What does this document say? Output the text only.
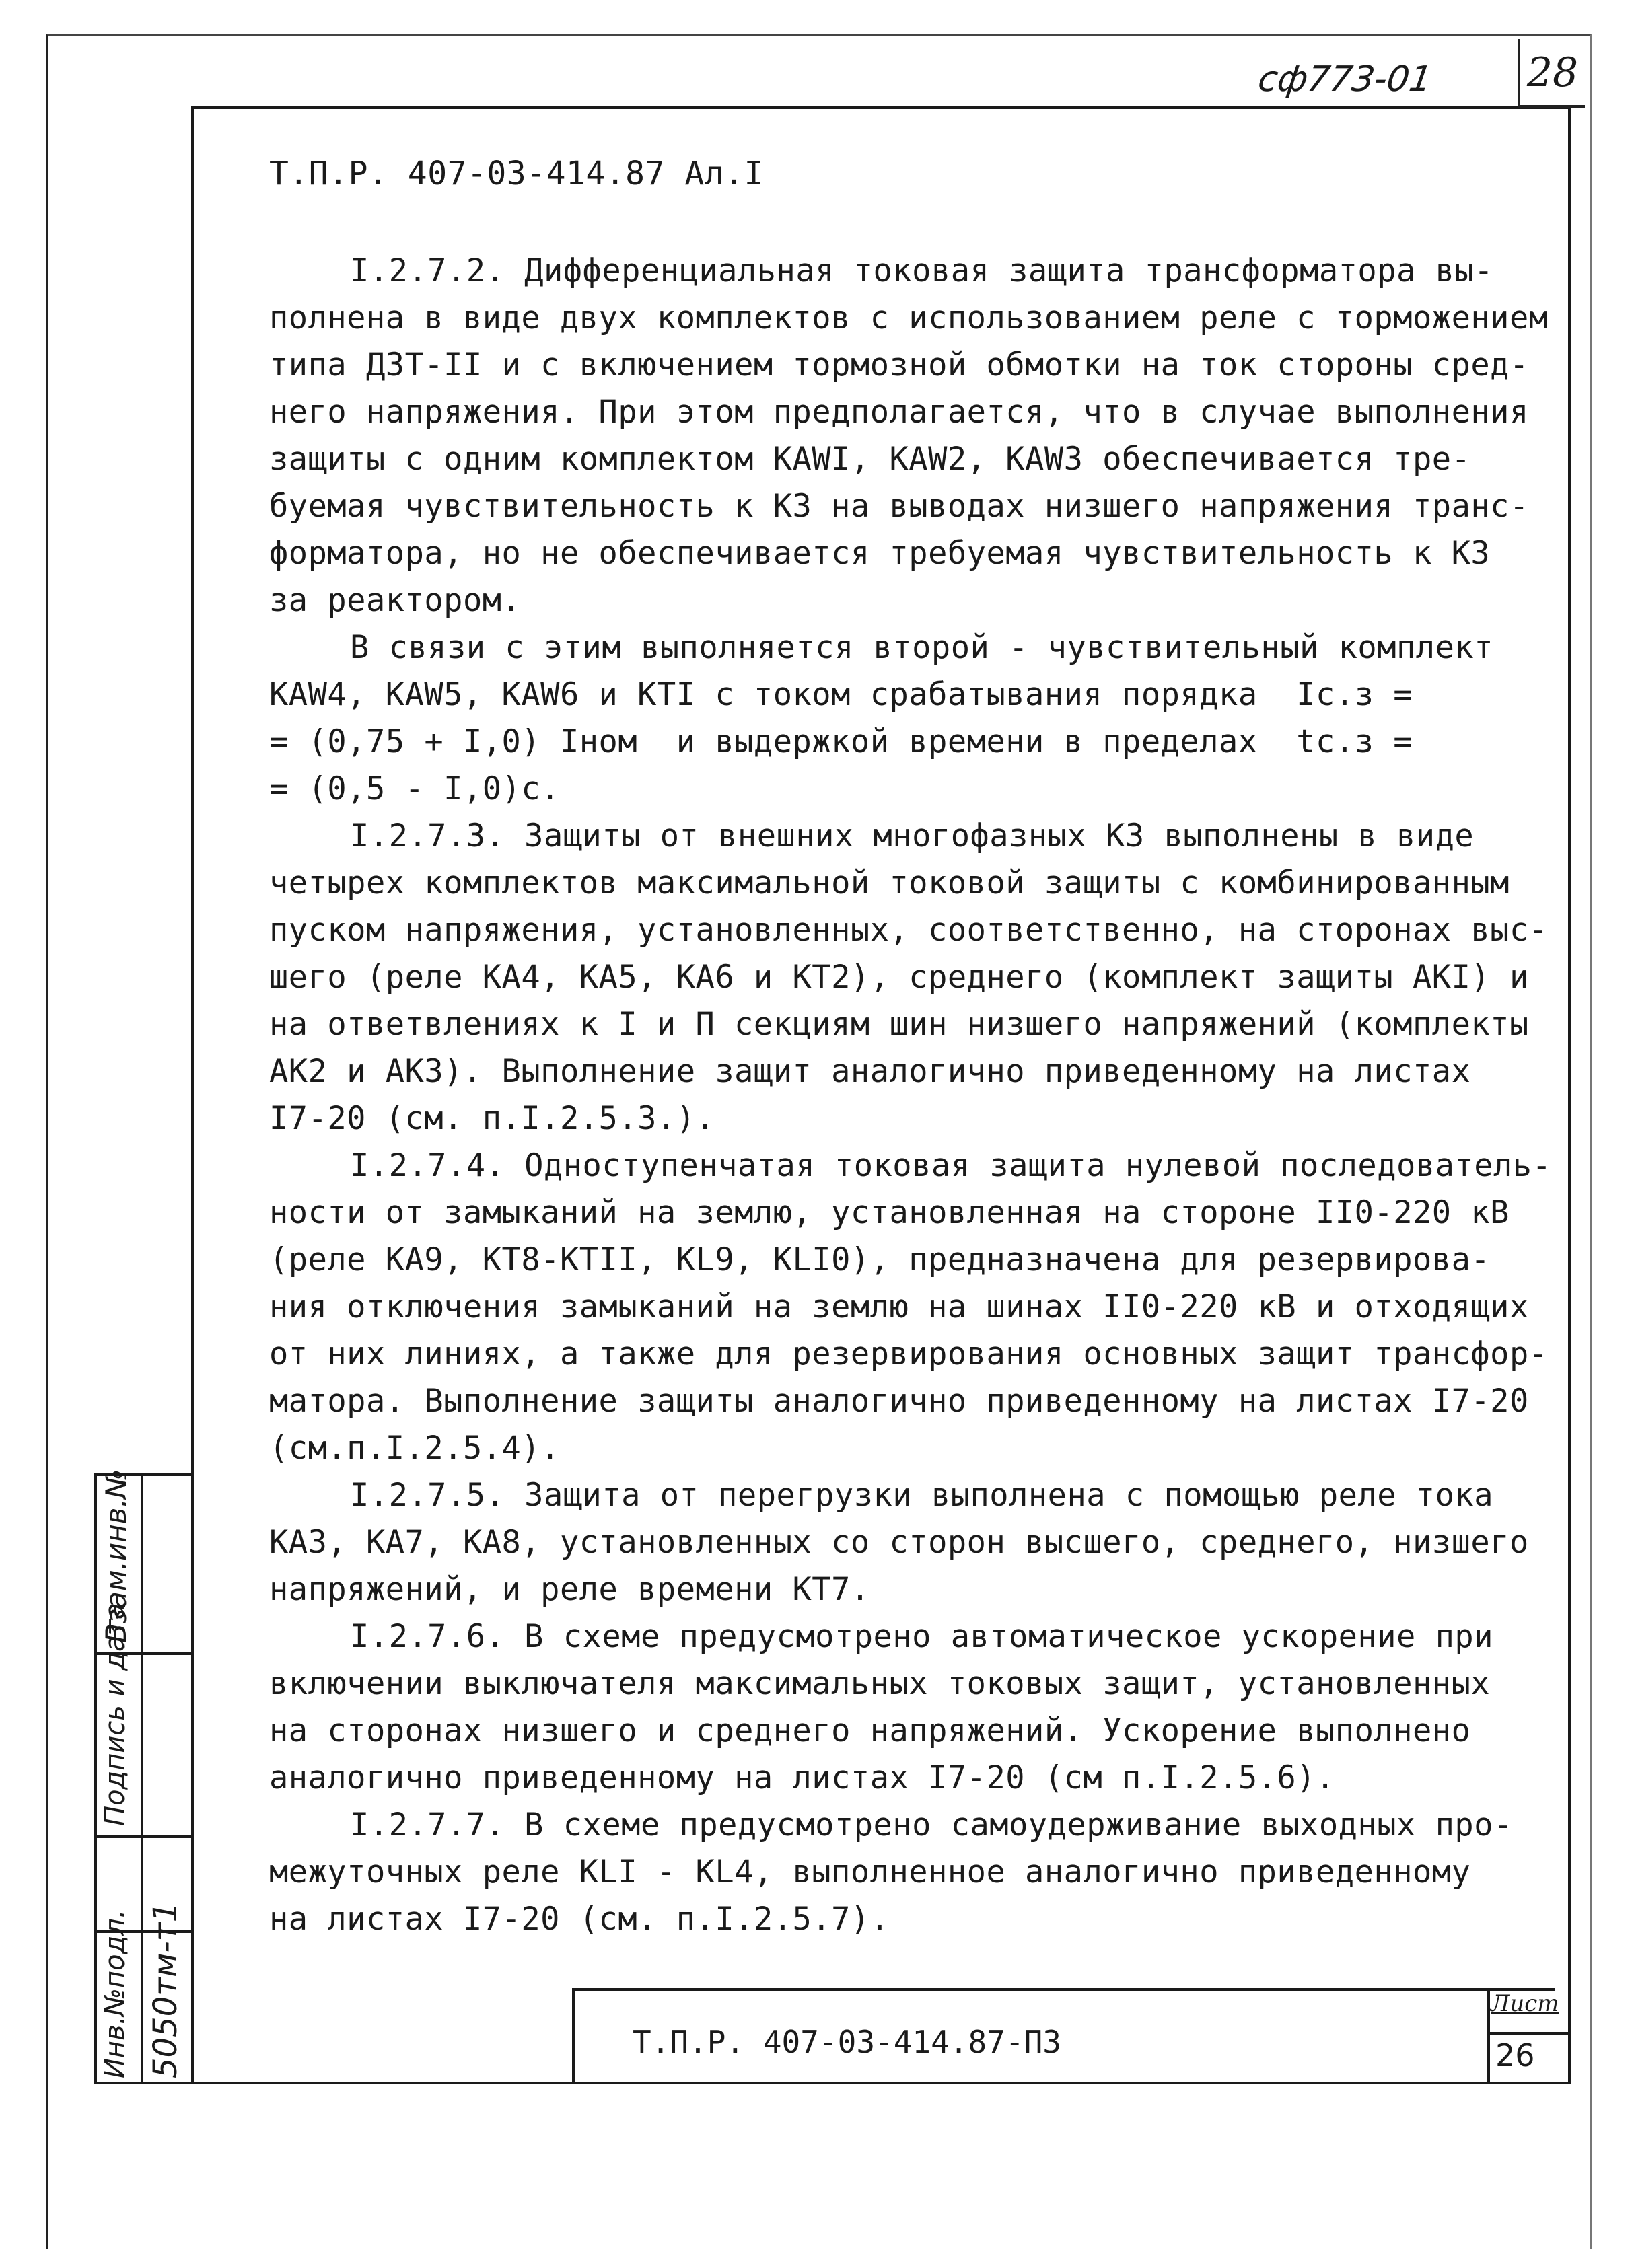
сф773-01 28
Т.П.Р. 407-03-414.87 Ал.I
I.2.7.2. Дифференциальная токовая защита трансформатора вы-
полнена в виде двух комплектов с использованием реле с торможением
типа ДЗТ-II и с включением тормозной обмотки на ток стороны сред-
него напряжения. При этом предполагается, что в случае выполнения
защиты с одним комплектом KAWI, KAW2, KAW3 обеспечивается тре-
буемая чувствительность к КЗ на выводах низшего напряжения транс-
форматора, но не обеспечивается требуемая чувствительность к КЗ
за реактором.
В связи с этим выполняется второй - чувствительный комплект
KAW4, KAW5, KAW6 и КТI с током срабатывания порядка  Ic.з =
= (0,75 + I,0) Iном  и выдержкой времени в пределах  tc.з =
= (0,5 - I,0)с.
I.2.7.3. Защиты от внешних многофазных КЗ выполнены в виде
четырех комплектов максимальной токовой защиты с комбинированным
пуском напряжения, установленных, соответственно, на сторонах выс-
шего (реле КА4, КА5, КА6 и КТ2), среднего (комплект защиты АКI) и
на ответвлениях к I и П секциям шин низшего напряжений (комплекты
АК2 и АК3). Выполнение защит аналогично приведенному на листах
I7-20 (см. п.I.2.5.3.).
I.2.7.4. Одноступенчатая токовая защита нулевой последователь-
ности от замыканий на землю, установленная на стороне II0-220 кВ
(реле КА9, КТ8-КТII, KL9, KLI0), предназначена для резервирова-
ния отключения замыканий на землю на шинах II0-220 кВ и отходящих
от них линиях, а также для резервирования основных защит трансфор-
матора. Выполнение защиты аналогично приведенному на листах I7-20
(см.п.I.2.5.4).
I.2.7.5. Защита от перегрузки выполнена с помощью реле тока
КА3, КА7, КА8, установленных со сторон высшего, среднего, низшего
напряжений, и реле времени КТ7.
I.2.7.6. В схеме предусмотрено автоматическое ускорение при
включении выключателя максимальных токовых защит, установленных
на сторонах низшего и среднего напряжений. Ускорение выполнено
аналогично приведенному на листах I7-20 (см п.I.2.5.6).
I.2.7.7. В схеме предусмотрено самоудерживание выходных про-
межуточных реле KLI - KL4, выполненное аналогично приведенному
на листах I7-20 (см. п.I.2.5.7).
Взам.инв.№
Подпись и дата
Инв.№подл. 5050тм-т1	Т.П.Р. 407-03-414.87-ПЗ
Лист
26
